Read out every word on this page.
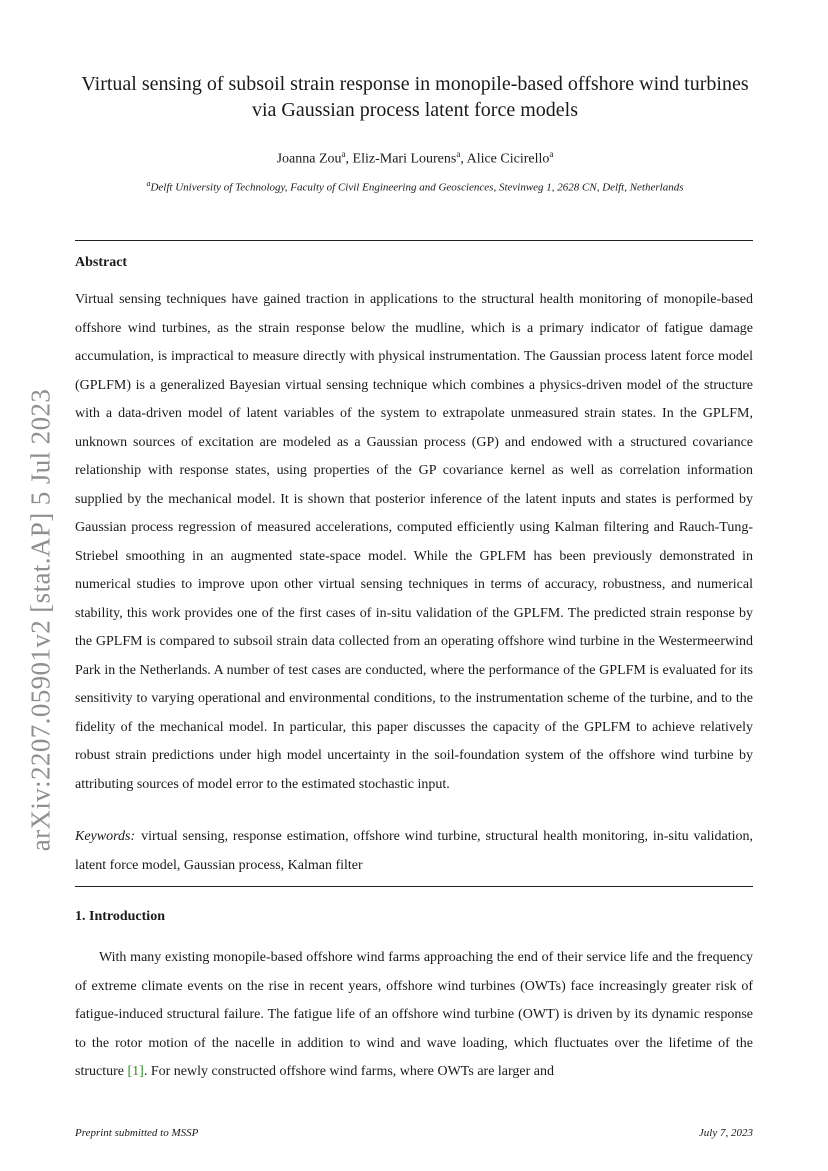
arXiv:2207.05901v2 [stat.AP] 5 Jul 2023
Virtual sensing of subsoil strain response in monopile-based offshore wind turbines
via Gaussian process latent force models
Joanna Zou$^a$, Eliz-Mari Lourens$^a$, Alice Cicirello$^a$
$^a$Delft University of Technology, Faculty of Civil Engineering and Geosciences, Stevinweg 1, 2628 CN, Delft, Netherlands
Abstract

Virtual sensing techniques have gained traction in applications to the structural health monitoring of monopile-based offshore wind turbines, as the strain response below the mudline, which is a primary indicator of fatigue damage accumulation, is impractical to measure directly with physical instrumentation. The Gaussian process latent force model (GPLFM) is a generalized Bayesian virtual sensing technique which combines a physics-driven model of the structure with a data-driven model of latent variables of the system to extrapolate unmeasured strain states. In the GPLFM, unknown sources of excitation are modeled as a Gaussian process (GP) and endowed with a structured covariance relationship with response states, using properties of the GP covariance kernel as well as correlation information supplied by the mechanical model. It is shown that posterior inference of the latent inputs and states is performed by Gaussian process regression of measured accelerations, computed efficiently using Kalman filtering and Rauch-Tung-Striebel smoothing in an augmented state-space model. While the GPLFM has been previously demonstrated in numerical studies to improve upon other virtual sensing techniques in terms of accuracy, robustness, and numerical stability, this work provides one of the first cases of in-situ validation of the GPLFM. The predicted strain response by the GPLFM is compared to subsoil strain data collected from an operating offshore wind turbine in the Westermeerwind Park in the Netherlands. A number of test cases are conducted, where the performance of the GPLFM is evaluated for its sensitivity to varying operational and environmental conditions, to the instrumentation scheme of the turbine, and to the fidelity of the mechanical model. In particular, this paper discusses the capacity of the GPLFM to achieve relatively robust strain predictions under high model uncertainty in the soil-foundation system of the offshore wind turbine by attributing sources of model error to the estimated stochastic input.

Keywords: virtual sensing, response estimation, offshore wind turbine, structural health monitoring, in-situ validation, latent force model, Gaussian process, Kalman filter

1. Introduction

With many existing monopile-based offshore wind farms approaching the end of their service life and the frequency of extreme climate events on the rise in recent years, offshore wind turbines (OWTs) face increasingly greater risk of fatigue-induced structural failure. The fatigue life of an offshore wind turbine (OWT) is driven by its dynamic response to the rotor motion of the nacelle in addition to wind and wave loading, which fluctuates over the lifetime of the structure [1]. For newly constructed offshore wind farms, where OWTs are larger and

Preprint submitted to MSSP	July 7, 2023
